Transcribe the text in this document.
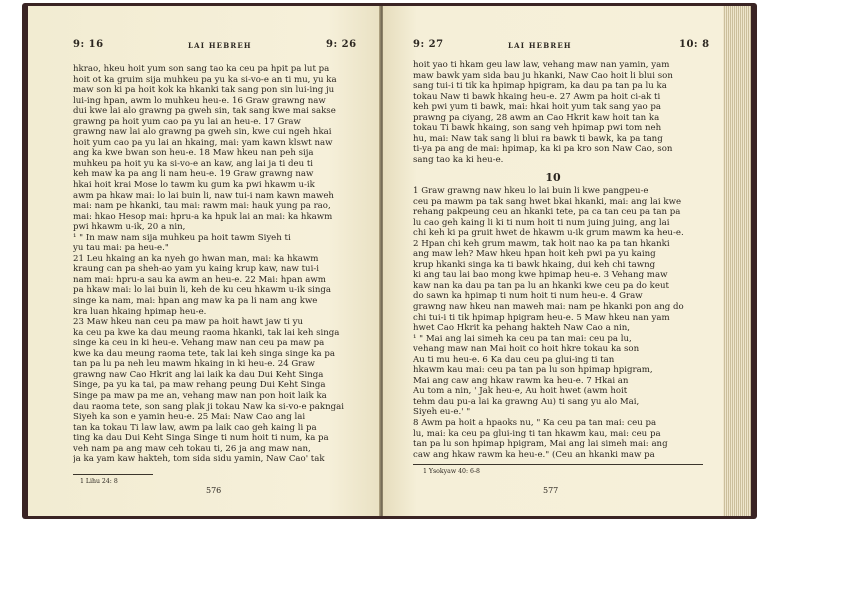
9: 16	LAI HEBREH	9: 26
hkrao, hkeu hoit yum son sang tao ka ceu pa hpit pa lut pa
hoit ot ka gruim sija muhkeu pa yu ka si-vo-e an ti mu, yu ka
maw son ki pa hoit kok ka hkanki tak sang pon sin lui-ing ju
lui-ing hpan, awm lo muhkeu heu-e. 16 Graw grawng naw
dui kwe lai alo grawng pa gweh sin, tak sang kwe mai sakse
grawng pa hoit yum cao pa yu lai an heu-e. 17 Graw
grawng naw lai alo grawng pa gweh sin, kwe cui ngeh hkai
hoit yum cao pa yu lai an hkaing, mai: yam kawn klswt naw
ang ka kwe bwan son heu-e. 18 Maw hkeu nan peh sija
muhkeu pa hoit yu ka si-vo-e an kaw, ang lai ja ti deu ti
keh maw ka pa ang li nam heu-e. 19 Graw grawng naw
hkai hoit krai Mose lo tawm ku gum ka pwi hkawm u-ik
awm pa hkaw mai: lo lai buin li, naw tui-i nam kawn maweh
mai: nam pe hkanki, tau mai: rawm mai: hauk yung pa rao,
mai: hkao Hesop mai: hpru-a ka hpuk lai an mai: ka hkawm
pwi hkawm u-ik, 20 a nin,
¹ " In maw nam sija muhkeu pa hoit tawm Siyeh ti
yu tau mai: pa heu-e."
21 Leu hkaing an ka nyeh go hwan man, mai: ka hkawm
kraung can pa sheh-ao yam yu kaing krup kaw, naw tui-i
nam mai: hpru-a sau ka awm an heu-e. 22 Mai: hpan awm
pa hkaw mai: lo lai buin li, keh de ku ceu hkawm u-ik singa
singe ka nam, mai: hpan ang maw ka pa li nam ang kwe
kra luan hkaing hpimap heu-e.
23 Maw hkeu nan ceu pa maw pa hoit hawt jaw ti yu
ka ceu pa kwe ka dau meung raoma hkanki, tak lai keh singa
singe ka ceu in ki heu-e. Vehang maw nan ceu pa maw pa
kwe ka dau meung raoma tete, tak lai keh singa singe ka pa
tan pa lu pa neh leu mawm hkaing in ki heu-e. 24 Graw
grawng naw Cao Hkrit ang lai laik ka dau Dui Keht Singa
Singe, pa yu ka tai, pa maw rehang peung Dui Keht Singa
Singe pa maw pa me an, vehang maw nan pon hoit laik ka
dau raoma tete, son sang plak ji tokau Naw ka si-vo-e pakngai
Siyeh ka son e yamin heu-e. 25 Mai: Naw Cao ang lai
tan ka tokau Ti law law, awm pa laik cao geh kaing li pa
ting ka dau Dui Keht Singa Singe ti num hoit ti num, ka pa
veh nam pa ang maw ceh tokau ti, 26 ja ang maw nan,
ja ka yam kaw hakteh, tom sida sidu yamin, Naw Cao' tak
1 Lihu 24: 8
576
9: 27	LAI HEBREH	10: 8
hoit yao ti hkam geu law law, vehang maw nan yamin, yam
maw bawk yam sida bau ju hkanki, Naw Cao hoit li blui son
sang tui-i ti tik ka hpimap hpigram, ka dau pa tan pa lu ka
tokau Naw ti bawk hkaing heu-e. 27 Awm pa hoit ci-ak ti
keh pwi yum ti bawk, mai: hkai hoit yum tak sang yao pa
prawng pa ciyang, 28 awm an Cao Hkrit kaw hoit tan ka
tokau Ti bawk hkaing, son sang veh hpimap pwi tom neh
hu, mai: Naw tak sang li blui ra bawk ti bawk, ka pa tang
ti-ya pa ang de mai: hpimap, ka ki pa kro son Naw Cao, son
sang tao ka ki heu-e.
10
1 Graw grawng naw hkeu lo lai buin li kwe pangpeu-e
ceu pa mawm pa tak sang hwet bkai hkanki, mai: ang lai kwe
rehang pakpeung ceu an hkanki tete, pa ca tan ceu pa tan pa
lu cao geh kaing li ki ti num hoit ti num juing juing, ang lai
chi keh ki pa gruit hwet de hkawm u-ik grum mawm ka heu-e.
2 Hpan chi keh grum mawm, tak hoit nao ka pa tan hkanki
ang maw leh? Maw hkeu hpan hoit keh pwi pa yu kaing
krup hkanki singa ka ti bawk hkaing, dui keh chi tawng
ki ang tau lai bao mong kwe hpimap heu-e. 3 Vehang maw
kaw nan ka dau pa tan pa lu an hkanki kwe ceu pa do keut
do sawn ka hpimap ti num hoit ti num heu-e. 4 Graw
grawng naw hkeu nan maweh mai: nam pe hkanki pon ang do
chi tui-i ti tik hpimap hpigram heu-e. 5 Maw hkeu nan yam
hwet Cao Hkrit ka pehang hakteh Naw Cao a nin,
¹ " Mai ang lai simeh ka ceu pa tan mai: ceu pa lu,
vehang maw nan Mai hoit co hoit hkre tokau ka son
Au ti mu heu-e. 6 Ka dau ceu pa glui-ing ti tan
hkawm kau mai: ceu pa tan pa lu son hpimap hpigram,
Mai ang caw ang hkaw rawm ka heu-e. 7 Hkai an
Au tom a nin, ' Jak heu-e, Au hoit hwet (awm hoit
tehm dau pu-a lai ka grawng Au) ti sang yu alo Mai,
Siyeh eu-e.' "
8 Awm pa hoit a hpaoks nu, " Ka ceu pa tan mai: ceu pa
lu, mai: ka ceu pa glui-ing ti tan hkawm kau, mai: ceu pa
tan pa lu son hpimap hpigram, Mai ang lai simeh mai: ang
caw ang hkaw rawm ka heu-e." (Ceu an hkanki maw pa
1 Ysokyaw 40: 6-8
577
